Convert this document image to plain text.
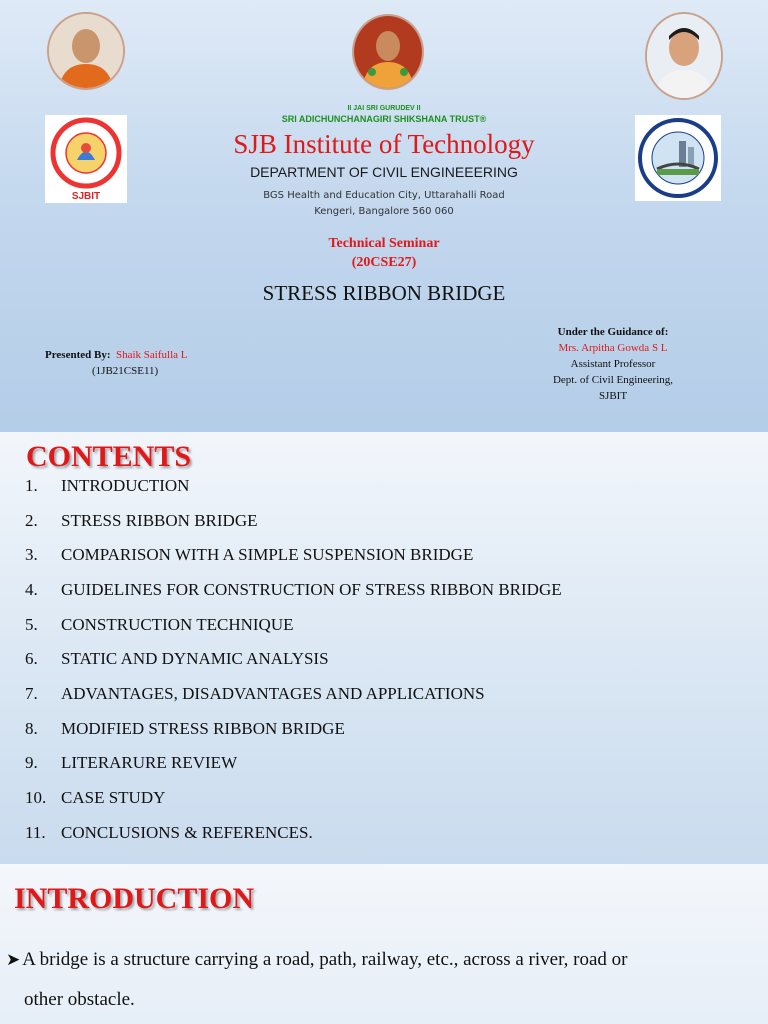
SJBIT
II JAI SRI GURUDEV II
SRI ADICHUNCHANAGIRI SHIKSHANA TRUST®
SJB Institute of Technology
DEPARTMENT OF CIVIL ENGINEEERING
BGS Health and Education City, Uttarahalli Road
Kengeri, Bangalore 560 060
Technical Seminar
(20CSE27)
STRESS RIBBON BRIDGE
Presented By: Shaik Saifulla L
(1JB21CSE11)
Under the Guidance of:
Mrs. Arpitha Gowda S L
Assistant Professor
Dept. of Civil Engineering,
SJBIT
CONTENTS
1. INTRODUCTION
2. STRESS RIBBON BRIDGE
3. COMPARISON WITH A SIMPLE SUSPENSION BRIDGE
4. GUIDELINES FOR CONSTRUCTION OF STRESS RIBBON BRIDGE
5. CONSTRUCTION TECHNIQUE
6. STATIC AND DYNAMIC ANALYSIS
7. ADVANTAGES, DISADVANTAGES AND APPLICATIONS
8. MODIFIED STRESS RIBBON BRIDGE
9. LITERARURE REVIEW
10. CASE STUDY
11. CONCLUSIONS & REFERENCES.
INTRODUCTION
➤ A bridge is a structure carrying a road, path, railway, etc., across a river, road or
other obstacle.
